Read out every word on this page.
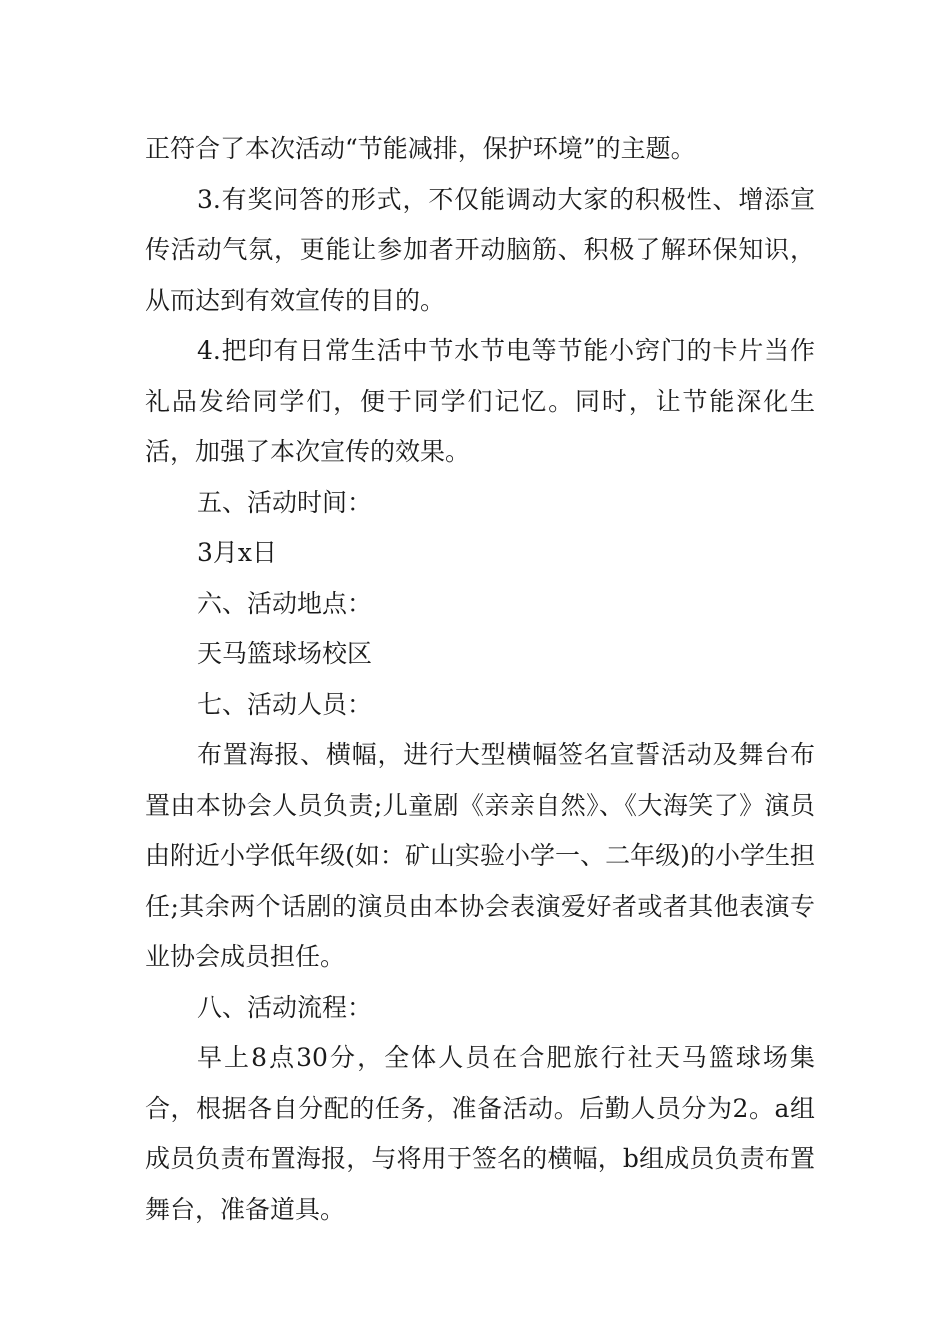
正符合了本次活动“节能减排，保护环境”的主题。

3.有奖问答的形式，不仅能调动大家的积极性、增添宣传活动气氛，更能让参加者开动脑筋、积极了解环保知识，从而达到有效宣传的目的。

4.把印有日常生活中节水节电等节能小窍门的卡片当作礼品发给同学们，便于同学们记忆。同时，让节能深化生活，加强了本次宣传的效果。

五、活动时间：

3月x日

六、活动地点：

天马篮球场校区

七、活动人员：

布置海报、横幅，进行大型横幅签名宣誓活动及舞台布置由本协会人员负责;儿童剧《亲亲自然》、《大海笑了》演员由附近小学低年级(如：矿山实验小学一、二年级)的小学生担任;其余两个话剧的演员由本协会表演爱好者或者其他表演专业协会成员担任。

八、活动流程：

早上8点30分，全体人员在合肥旅行社天马篮球场集合，根据各自分配的任务，准备活动。后勤人员分为2。a组成员负责布置海报，与将用于签名的横幅，b组成员负责布置舞台，准备道具。
